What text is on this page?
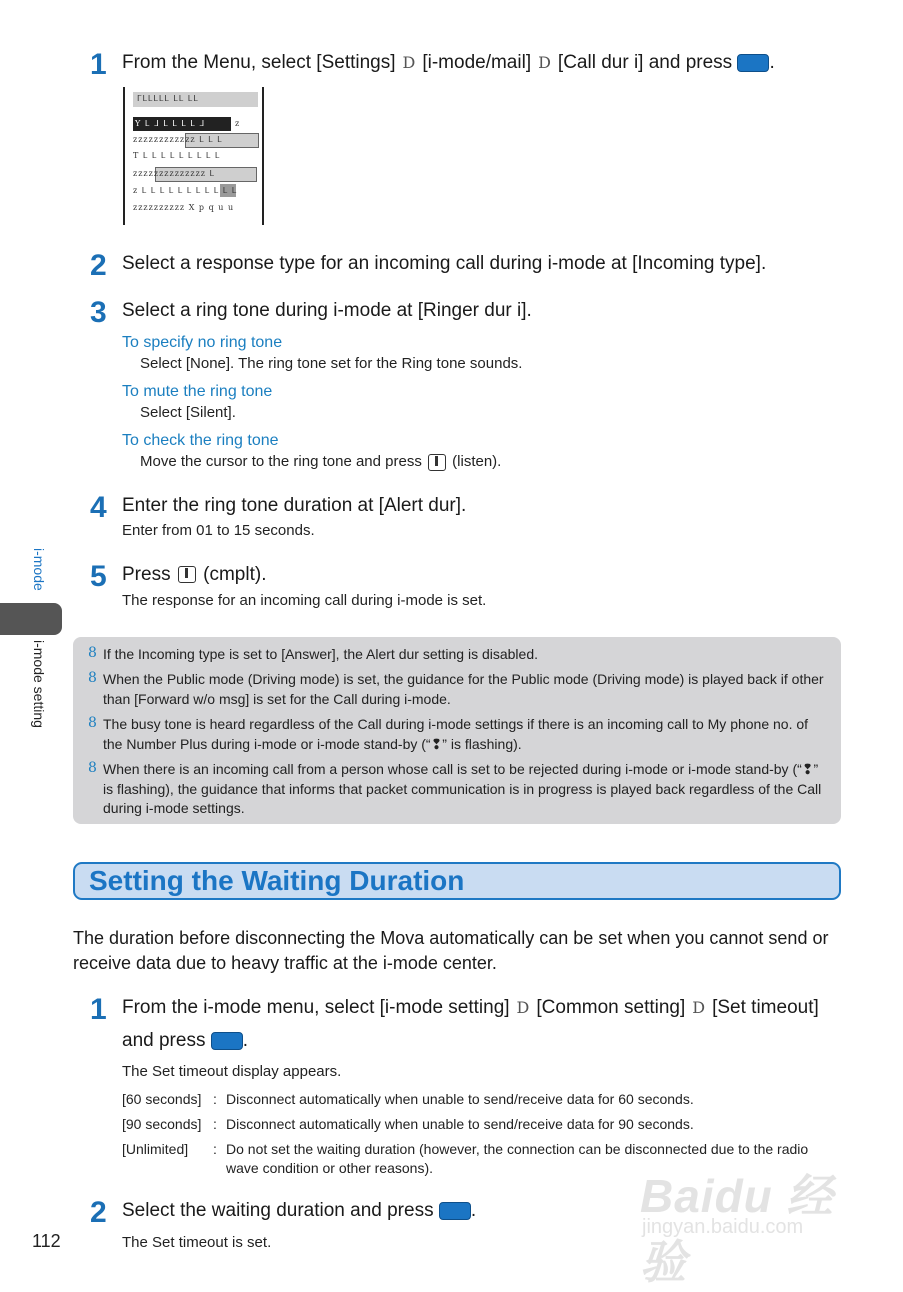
1 From the Menu, select [Settings] D [i-mode/mail] D [Call dur i] and press .
ᒥᒪᒪᒪᒪᒪ ᒪᒪ ᒪᒪ
Y ᒪ ᒧ ᒪ ᒪ ᒪ ᒪ ᒧ	z
zzzzzzzzzzzz ᒪ ᒪ ᒪ
T ᒪ ᒪ ᒪ ᒪ ᒪ ᒪ ᒪ ᒪ ᒪ
zzzzzzzzzzzzzz ᒪ
z ᒪ ᒪ ᒪ ᒪ ᒪ ᒪ ᒪ ᒪ ᒪ ᒪ ᒪ
zzzzzzzzzz X p q u u
2 Select a response type for an incoming call during i-mode at [Incoming type].
3 Select a ring tone during i-mode at [Ringer dur i].
To specify no ring tone
Select [None]. The ring tone set for the Ring tone sounds.
To mute the ring tone
Select [Silent].
To check the ring tone
Move the cursor to the ring tone and press (listen).
4 Enter the ring tone duration at [Alert dur].
Enter from 01 to 15 seconds.
5 Press (cmplt).
The response for an incoming call during i-mode is set.
8 If the Incoming type is set to [Answer], the Alert dur setting is disabled.
8 When the Public mode (Driving mode) is set, the guidance for the Public mode (Driving mode) is played back if other than [Forward w/o msg] is set for the Call during i-mode.
8 The busy tone is heard regardless of the Call during i-mode settings if there is an incoming call to My phone no. of the Number Plus during i-mode or i-mode stand-by (“❢” is flashing).
8 When there is an incoming call from a person whose call is set to be rejected during i-mode or i-mode stand-by (“❢” is flashing), the guidance that informs that packet communication is in progress is played back regardless of the Call during i-mode settings.
Setting the Waiting Duration
The duration before disconnecting the Mova automatically can be set when you cannot send or receive data due to heavy traffic at the i-mode center.
1 From the i-mode menu, select [i-mode setting] D [Common setting] D [Set timeout]
and press .
The Set timeout display appears.
[60 seconds] : Disconnect automatically when unable to send/receive data for 60 seconds.
[90 seconds] : Disconnect automatically when unable to send/receive data for 90 seconds.
[Unlimited] : Do not set the waiting duration (however, the connection can be disconnected due to the radio wave condition or other reasons).
2 Select the waiting duration and press .
The Set timeout is set.
i-mode
i-mode setting
112
Baidu 经验
jingyan.baidu.com
